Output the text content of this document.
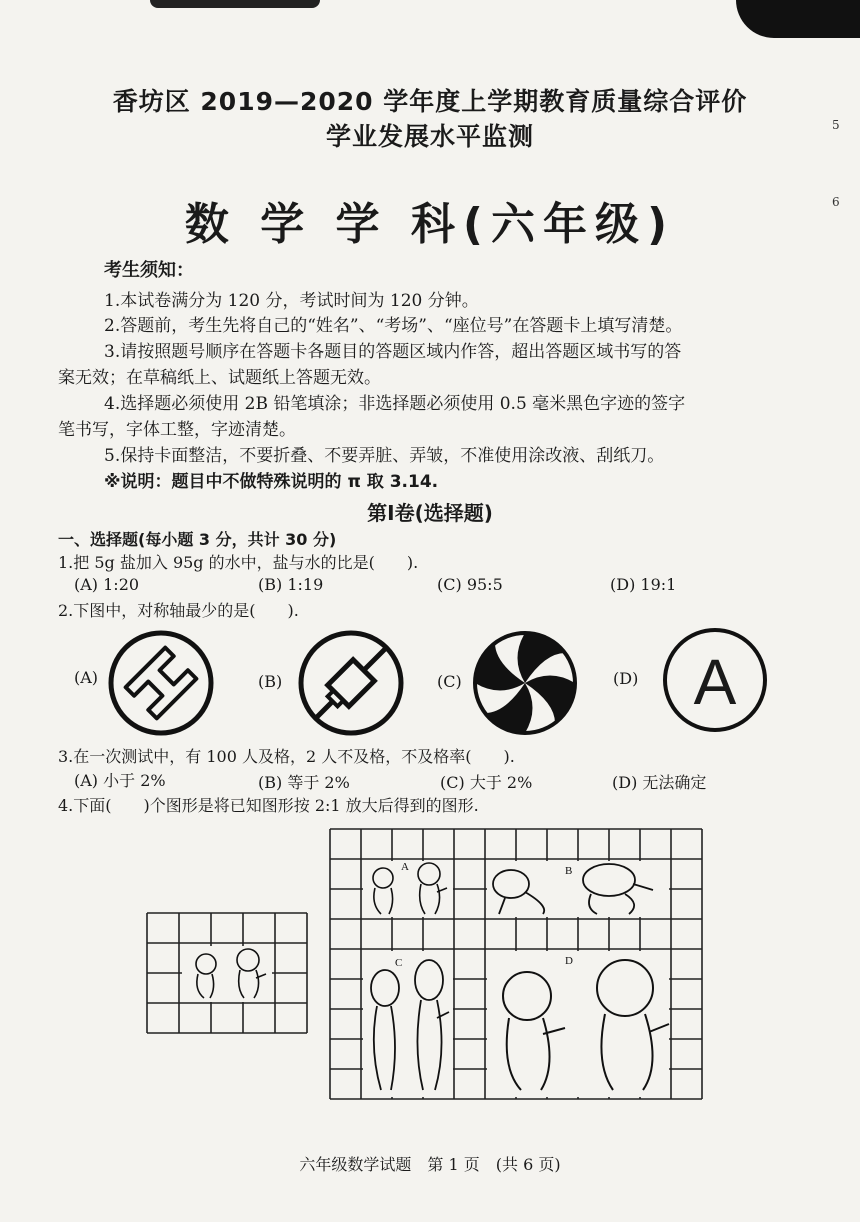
5
6
香坊区 2019—2020 学年度上学期教育质量综合评价
学业发展水平监测
数 学 学 科(六年级)
考生须知：
1.本试卷满分为 120 分，考试时间为 120 分钟。
2.答题前，考生先将自己的“姓名”、“考场”、“座位号”在答题卡上填写清楚。
3.请按照题号顺序在答题卡各题目的答题区域内作答，超出答题区域书写的答
案无效；在草稿纸上、试题纸上答题无效。
4.选择题必须使用 2B 铅笔填涂；非选择题必须使用 0.5 毫米黑色字迹的签字
笔书写，字体工整，字迹清楚。
5.保持卡面整洁，不要折叠、不要弄脏、弄皱，不准使用涂改液、刮纸刀。
※说明：题目中不做特殊说明的 π 取 3.14.
第Ⅰ卷(选择题)
一、选择题(每小题 3 分，共计 30 分)
1.把 5g 盐加入 95g 的水中，盐与水的比是(　　).
(A) 1:20	(B) 1:19	(C) 95:5	(D) 19:1
2.下图中，对称轴最少的是(　　).
(A)	(B)	(C)	(D) A
3.在一次测试中，有 100 人及格，2 人不及格，不及格率(　　).
(A) 小于 2%	(B) 等于 2%	(C) 大于 2%	(D) 无法确定
4.下面(　　)个图形是将已知图形按 2:1 放大后得到的图形.
A	B
C	D
六年级数学试题　第 1 页　(共 6 页)
